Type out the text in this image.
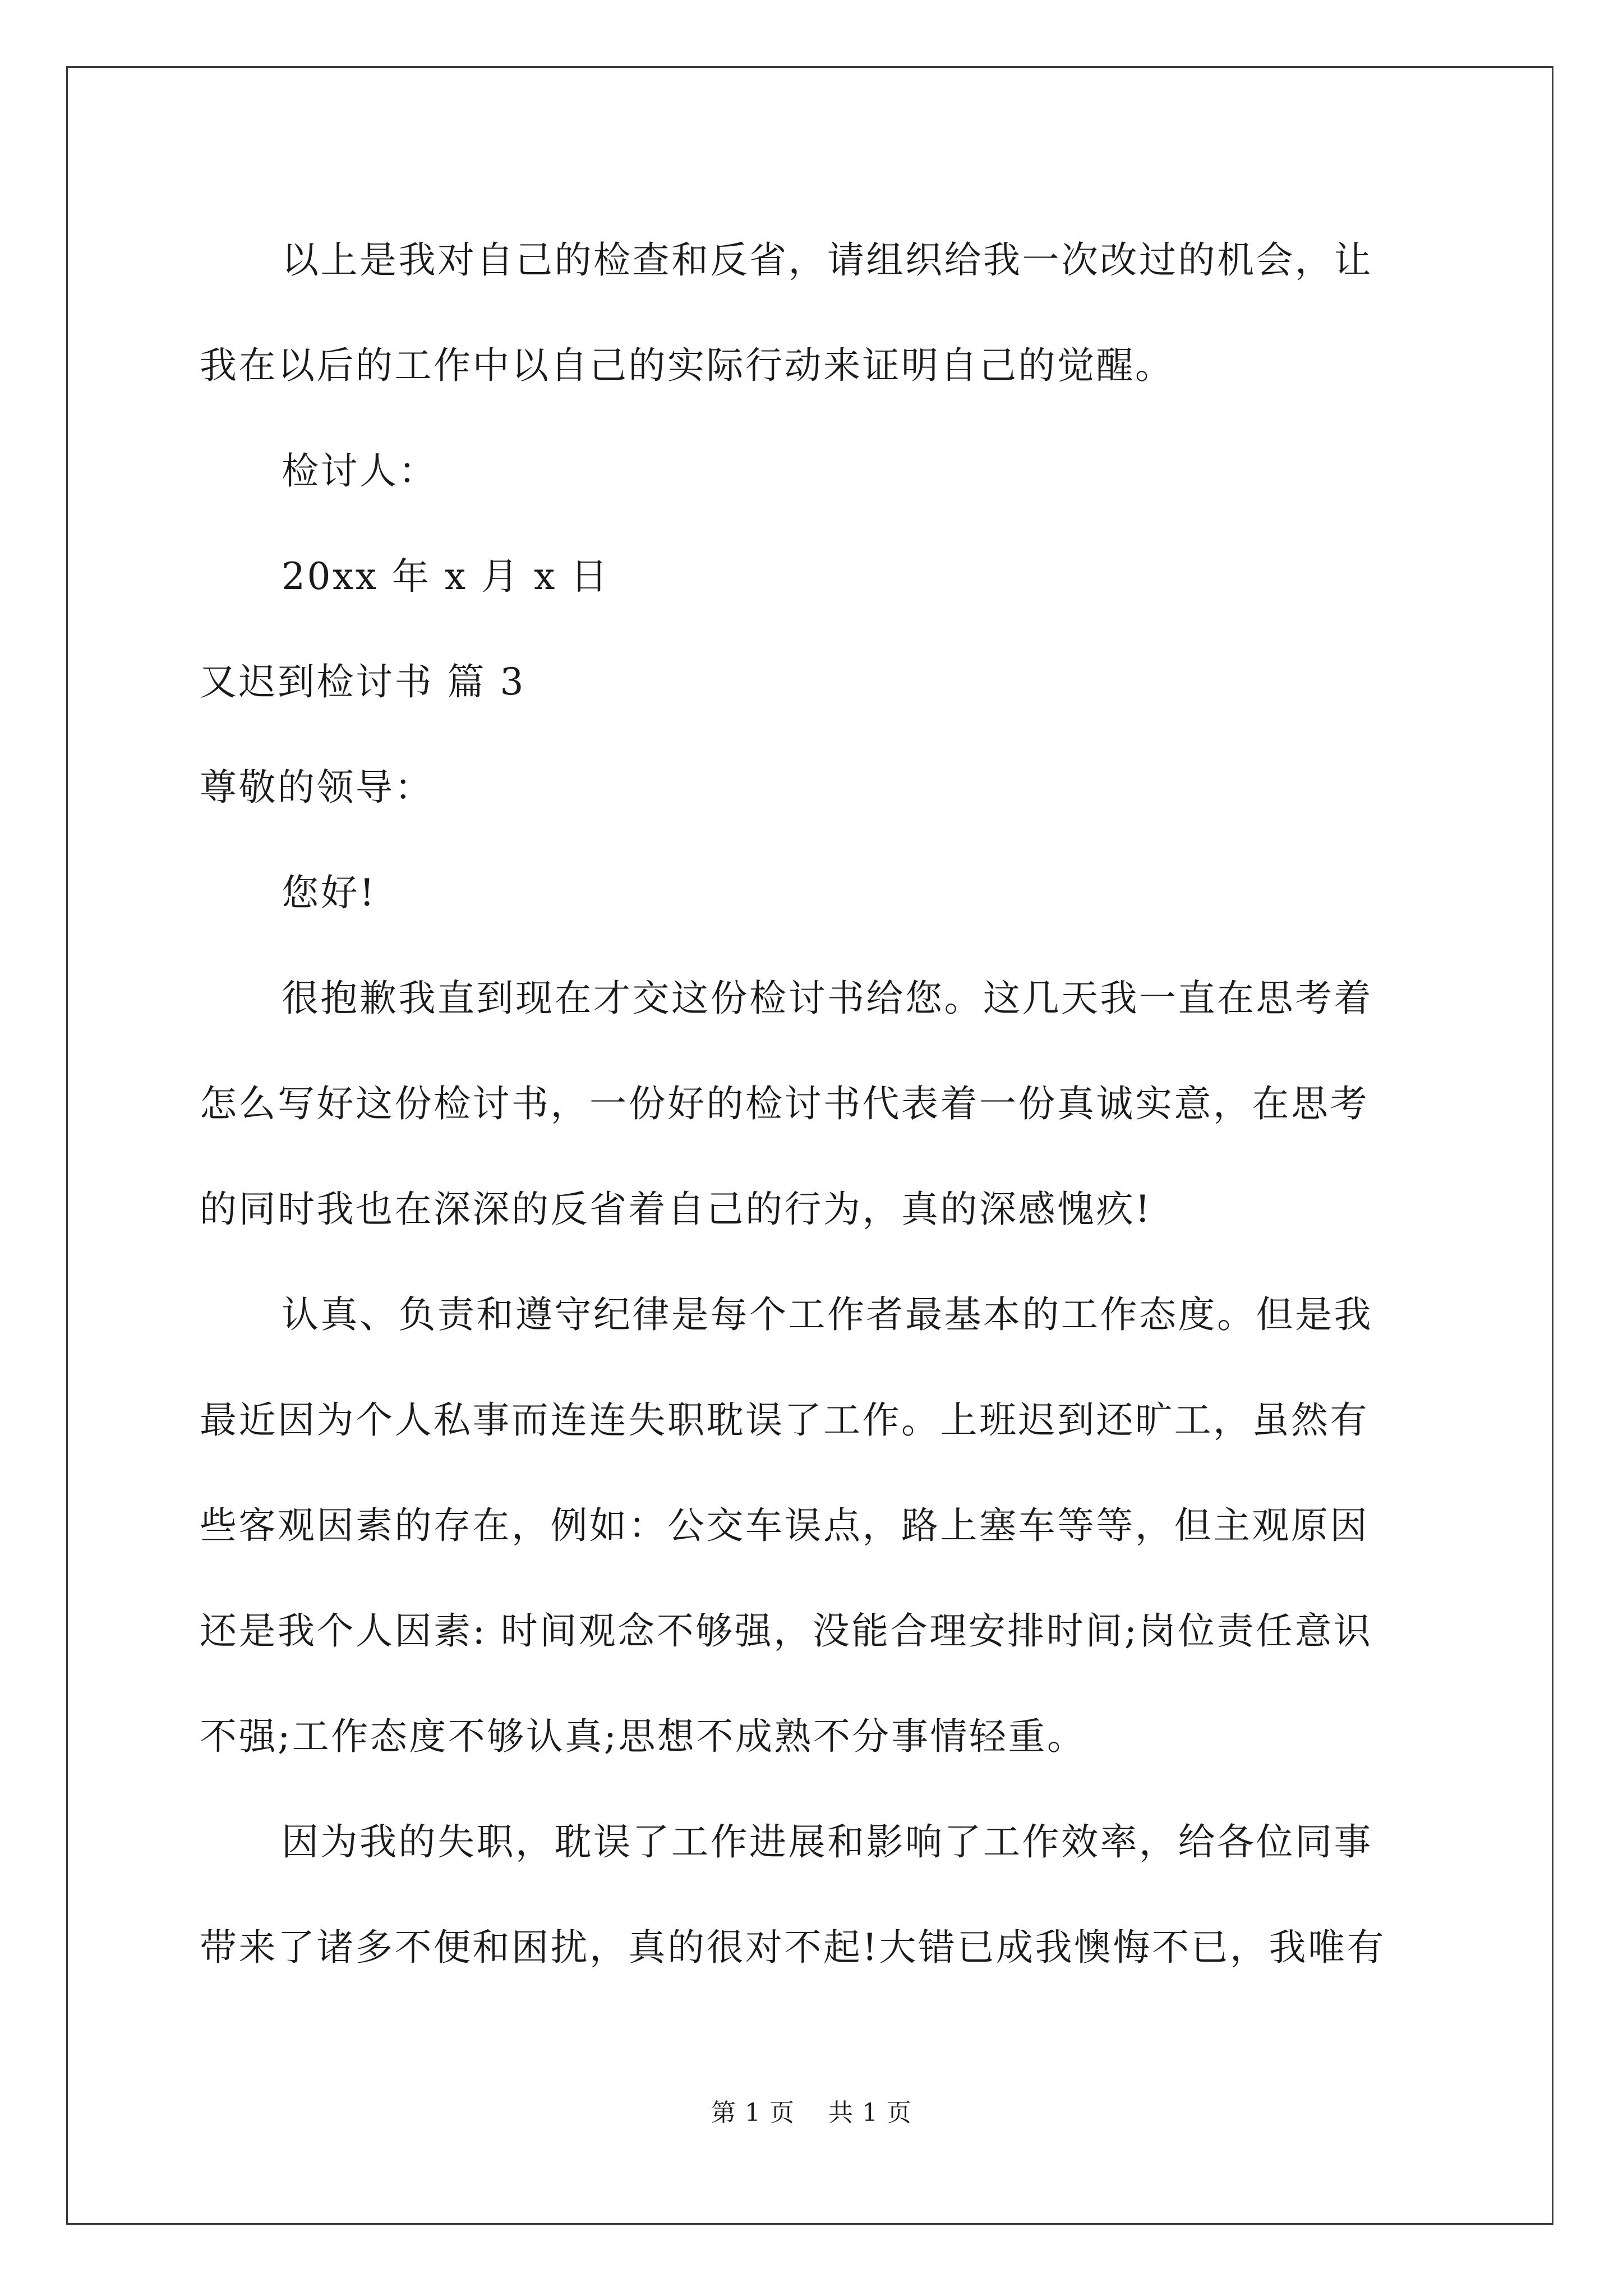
以上是我对自己的检查和反省，请组织给我一次改过的机会，让

我在以后的工作中以自己的实际行动来证明自己的觉醒。

检讨人：

20xx 年 x 月 x 日

又迟到检讨书 篇 3

尊敬的领导：

您好!

很抱歉我直到现在才交这份检讨书给您。这几天我一直在思考着

怎么写好这份检讨书，一份好的检讨书代表着一份真诚实意，在思考

的同时我也在深深的反省着自己的行为，真的深感愧疚!

认真、负责和遵守纪律是每个工作者最基本的工作态度。但是我

最近因为个人私事而连连失职耽误了工作。上班迟到还旷工，虽然有

些客观因素的存在，例如：公交车误点，路上塞车等等，但主观原因

还是我个人因素: 时间观念不够强，没能合理安排时间;岗位责任意识

不强;工作态度不够认真;思想不成熟不分事情轻重。

因为我的失职，耽误了工作进展和影响了工作效率，给各位同事

带来了诸多不便和困扰，真的很对不起!大错已成我懊悔不已，我唯有

第 1 页    共 1 页
